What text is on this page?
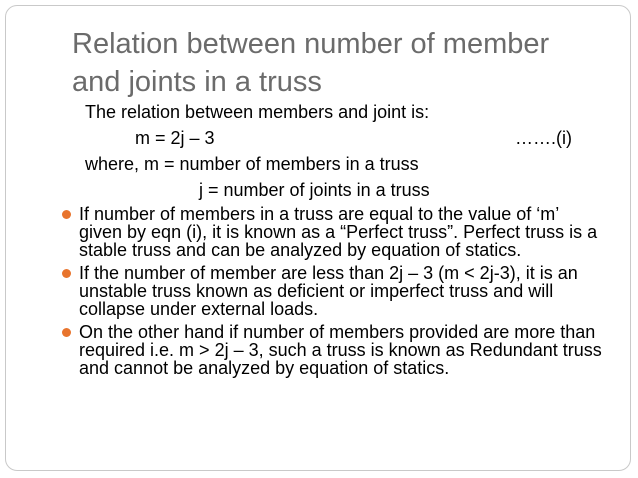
Relation between number of member
and joints in a truss
The relation between members and joint is:
m = 2j – 3	…….(i)
where, m = number of members in a truss
j = number of joints in a truss
If number of members in a truss are equal to the value of ‘m’ given by eqn (i), it is known as a “Perfect truss”. Perfect truss is a stable truss and can be analyzed by equation of statics.
If the number of member are less than 2j – 3 (m < 2j-3), it is an unstable truss known as deficient or imperfect truss and will collapse under external loads.
On the other hand if number of members provided are more than required i.e. m > 2j – 3, such a truss is known as Redundant truss and cannot be analyzed by equation of statics.
